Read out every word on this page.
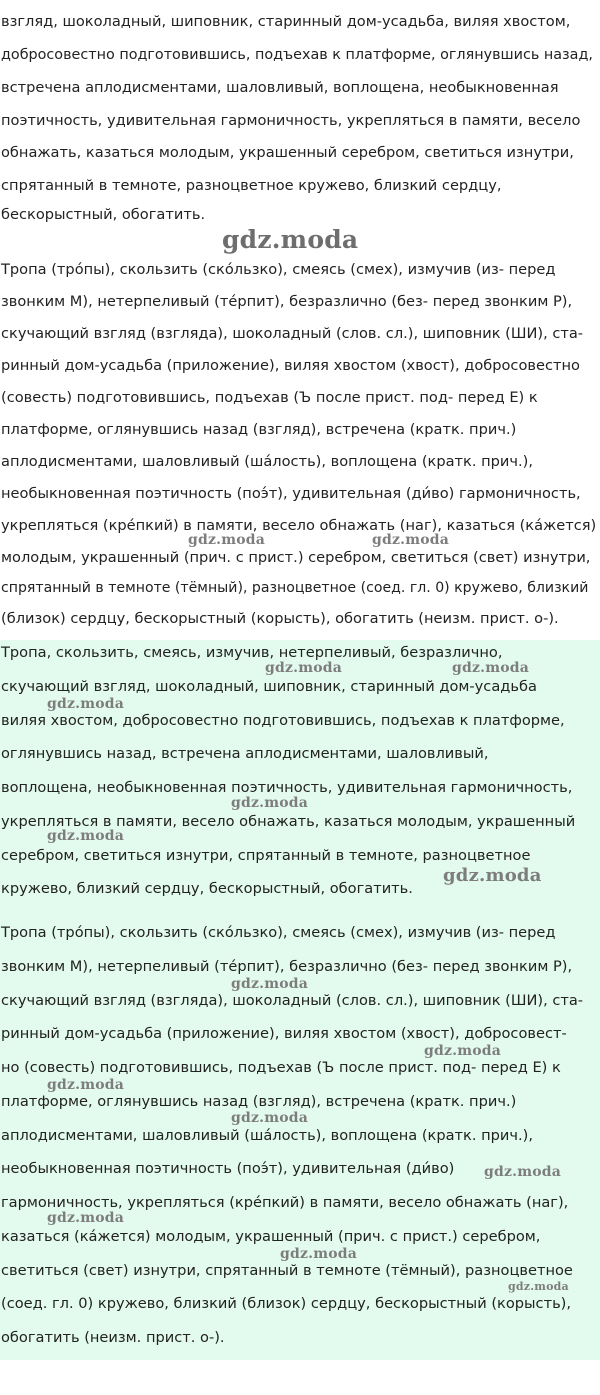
взгляд, шоколадный, шиповник, старинный дом-усадьба, виляя хвостом,
добросовестно подготовившись, подъехав к платформе, оглянувшись назад,
встречена аплодисментами, шаловливый, воплощена, необыкновенная
поэтичность, удивительная гармоничность, укрепляться в памяти, весело
обнажать, казаться молодым, украшенный серебром, светиться изнутри,
спрятанный в темноте, разноцветное кружево, близкий сердцу,
бескорыстный, обогатить.
gdz.moda
Тропа (тро́пы), скользить (ско́льзко), смеясь (смех), измучив (из- перед
звонким М), нетерпеливый (те́рпит), безразлично (без- перед звонким Р),
скучающий взгляд (взгляда), шоколадный (слов. сл.), шиповник (ШИ), ста-
ринный дом-усадьба (приложение), виляя хвостом (хвост), добросовестно
(совесть) подготовившись, подъехав (Ъ после прист. под- перед Е) к
платформе, оглянувшись назад (взгляд), встречена (кратк. прич.)
аплодисментами, шаловливый (ша́лость), воплощена (кратк. прич.),
необыкновенная поэтичность (поэ́т), удивительная (ди́во) гармоничность,
укрепляться (кре́пкий) в памяти, весело обнажать (наг), казаться (ка́жется)
молодым, украшенный (прич. с прист.) серебром, светиться (свет) изнутри,
спрятанный в темноте (тёмный), разноцветное (соед. гл. 0) кружево, близкий
(близок) сердцу, бескорыстный (корысть), обогатить (неизм. прист. о-).
gdz.moda	gdz.moda
Тропа, скользить, смеясь, измучив, нетерпеливый, безразлично,
скучающий взгляд, шоколадный, шиповник, старинный дом-усадьба
виляя хвостом, добросовестно подготовившись, подъехав к платформе,
оглянувшись назад, встречена аплодисментами, шаловливый,
воплощена, необыкновенная поэтичность, удивительная гармоничность,
укрепляться в памяти, весело обнажать, казаться молодым, украшенный
серебром, светиться изнутри, спрятанный в темноте, разноцветное
кружево, близкий сердцу, бескорыстный, обогатить.
gdz.moda	gdz.moda
gdz.moda
gdz.moda
gdz.moda
gdz.moda
Тропа (тро́пы), скользить (ско́льзко), смеясь (смех), измучив (из- перед
звонким М), нетерпеливый (те́рпит), безразлично (без- перед звонким Р),
скучающий взгляд (взгляда), шоколадный (слов. сл.), шиповник (ШИ), ста-
ринный дом-усадьба (приложение), виляя хвостом (хвост), добросовест-
но (совесть) подготовившись, подъехав (Ъ после прист. под- перед Е) к
платформе, оглянувшись назад (взгляд), встречена (кратк. прич.)
аплодисментами, шаловливый (ша́лость), воплощена (кратк. прич.),
необыкновенная поэтичность (поэ́т), удивительная (ди́во)
гармоничность, укрепляться (кре́пкий) в памяти, весело обнажать (наг),
казаться (ка́жется) молодым, украшенный (прич. с прист.) серебром,
светиться (свет) изнутри, спрятанный в темноте (тёмный), разноцветное
(соед. гл. 0) кружево, близкий (близок) сердцу, бескорыстный (корысть),
обогатить (неизм. прист. о-).
gdz.moda
gdz.moda
gdz.moda
gdz.moda
gdz.moda
gdz.moda
gdz.moda
gdz.moda
